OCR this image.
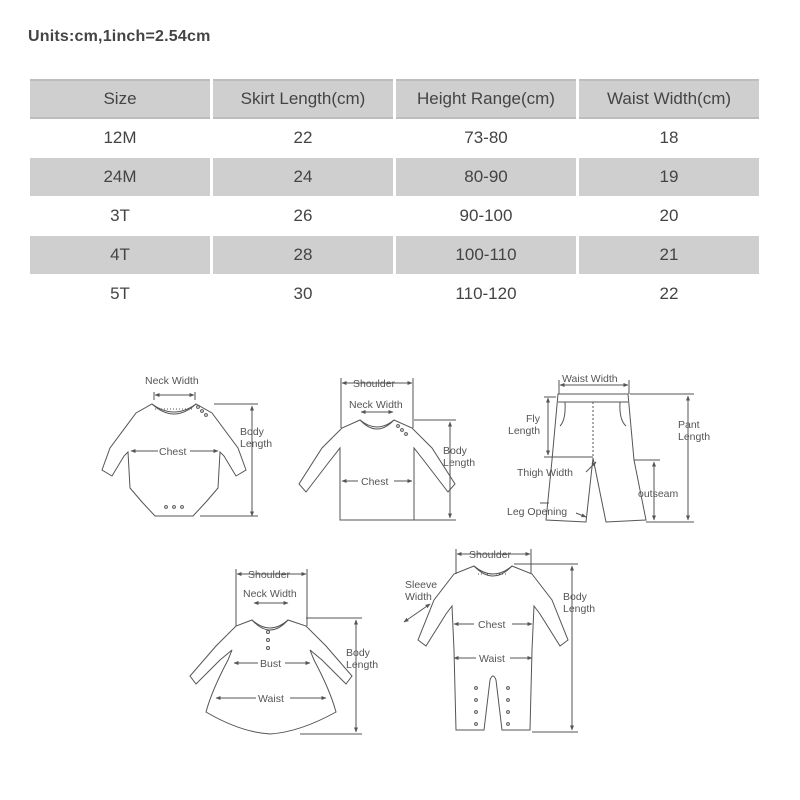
Units:cm,1inch=2.54cm
Size	Skirt Length(cm)	Height Range(cm)	Waist Width(cm)
12M	22	73-80	18
24M	24	80-90	19
3T	26	90-100	20
4T	28	100-110	21
5T	30	110-120	22
Neck Width
Chest
Body
Length
Shoulder
Neck Width
Chest
Body
Length
Waist Width
Fly
Length	Pant
Length
Thigh Width
outseam
Leg Opening
Shoulder
Neck Width
Bust
Waist
Body
Length
Shoulder
Sleeve
Width
Chest
Waist
Body
Length
